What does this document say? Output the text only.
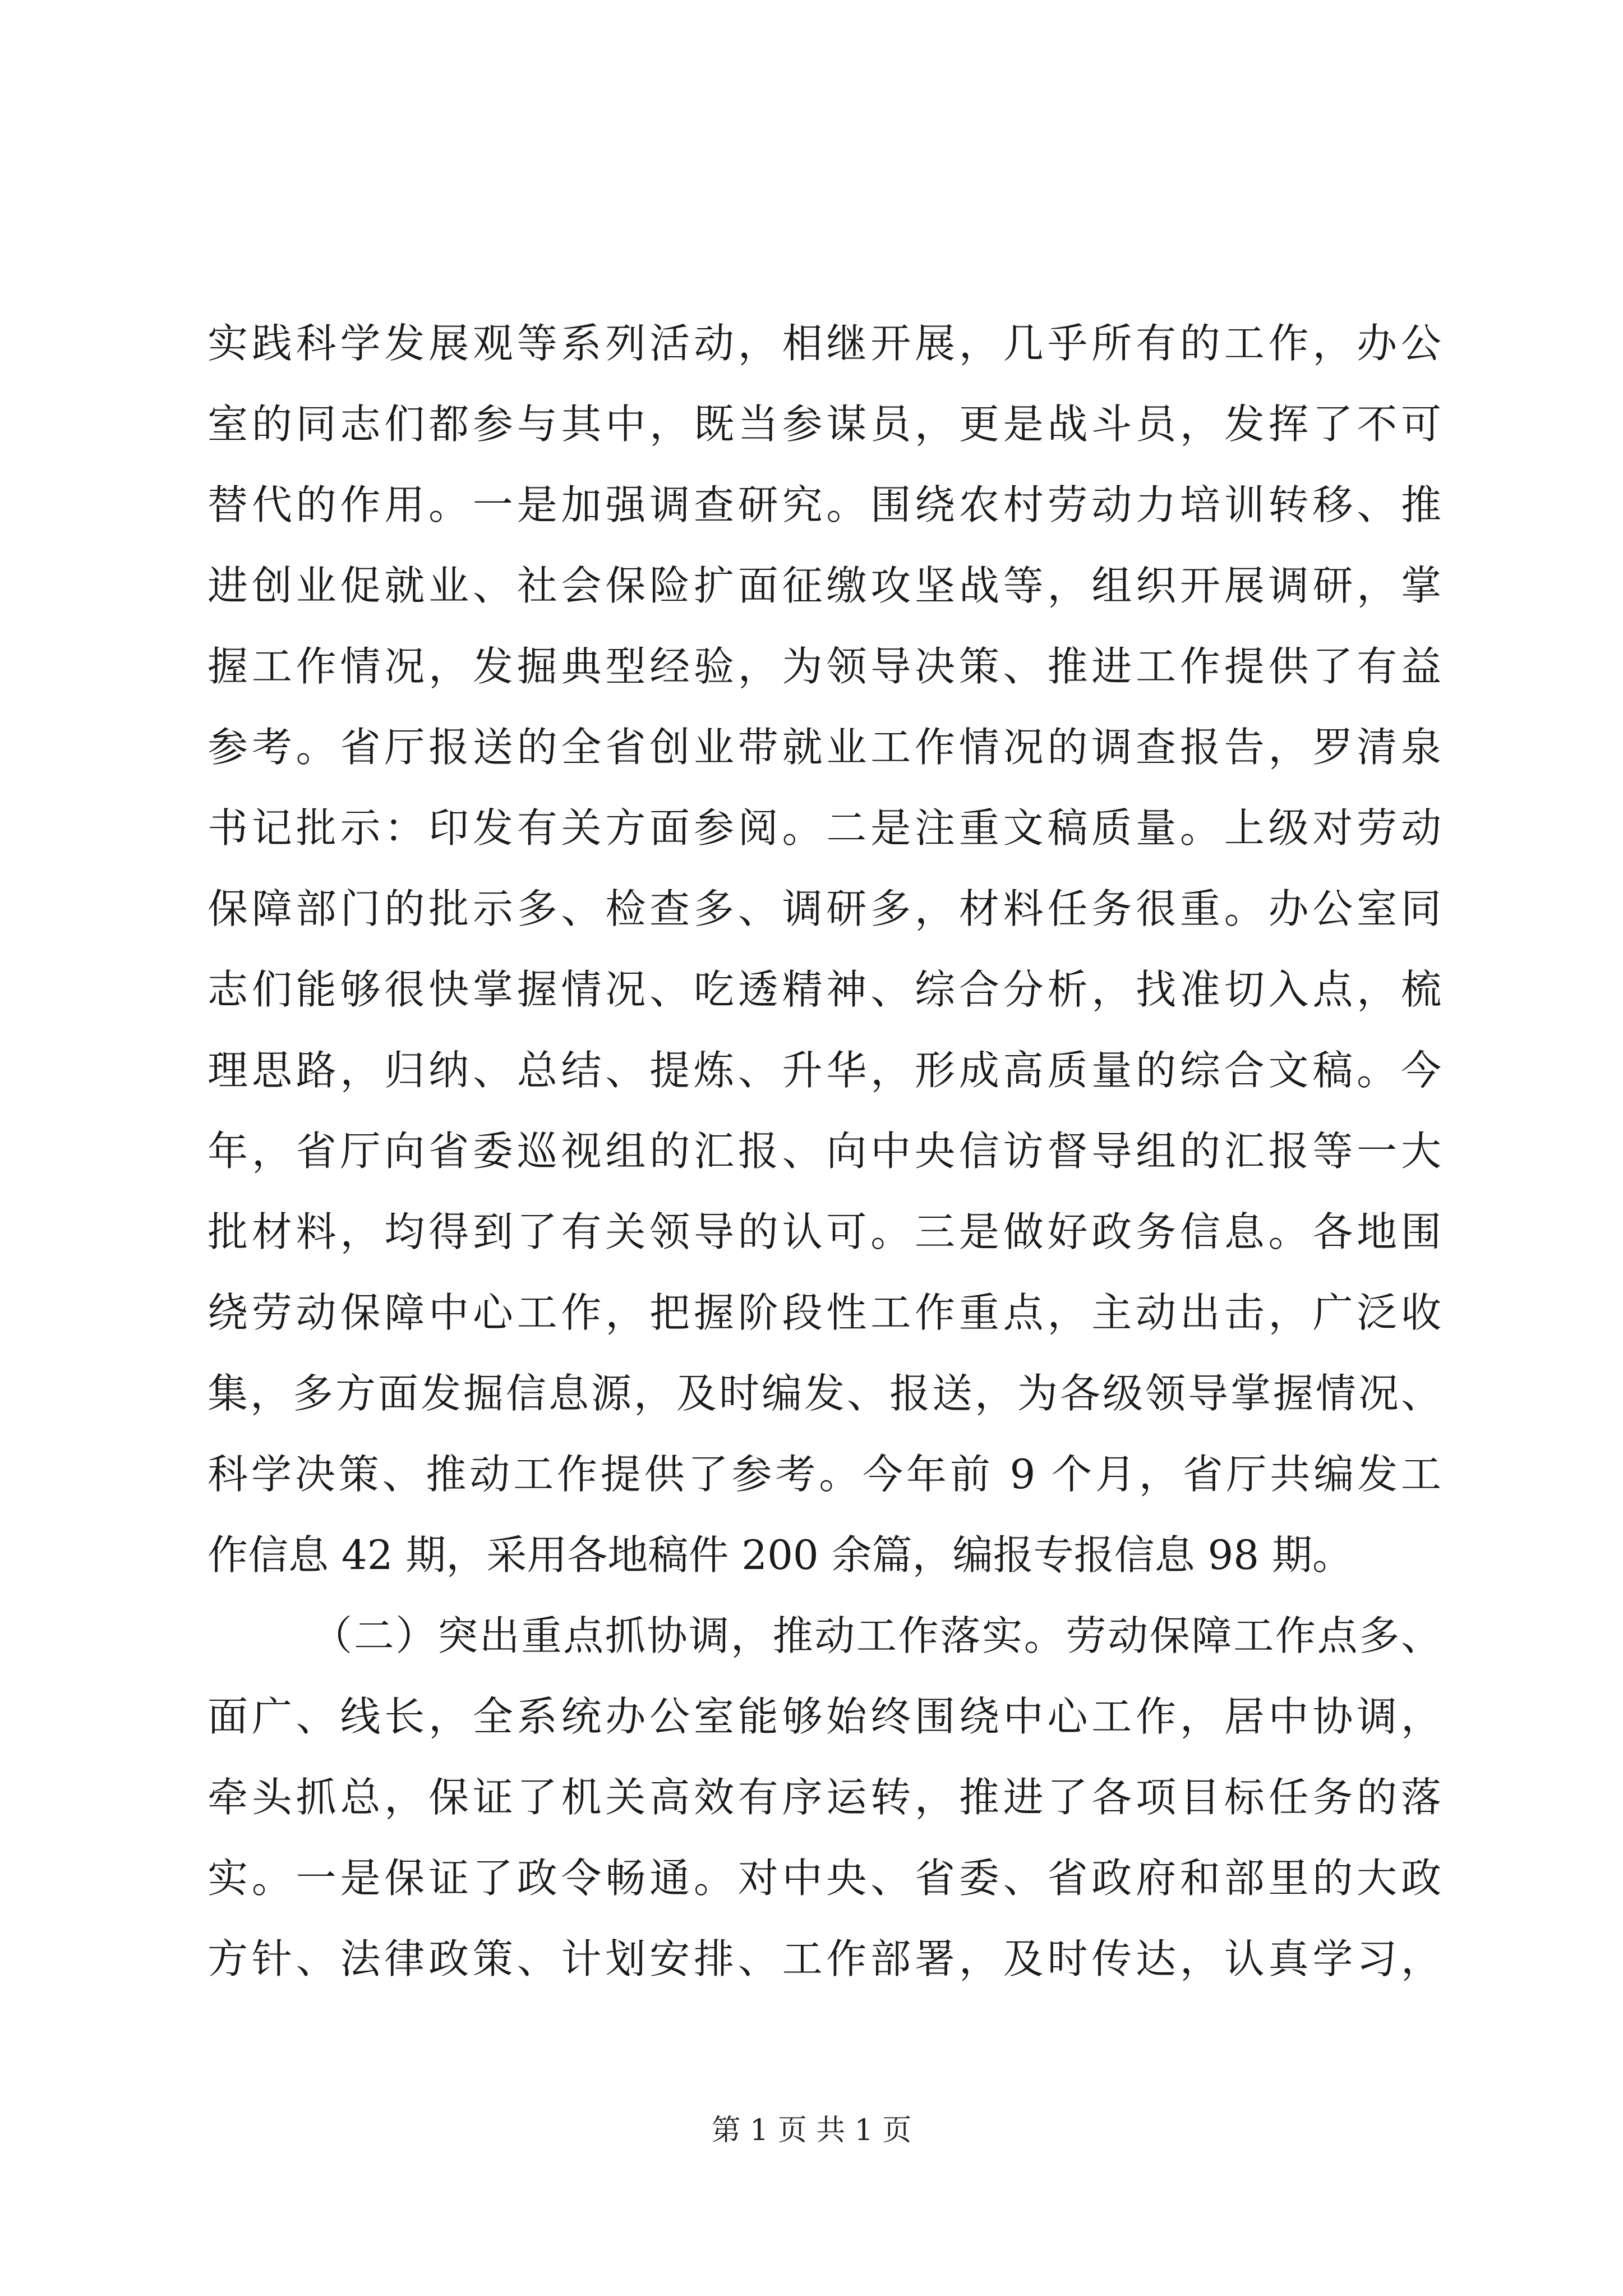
实践科学发展观等系列活动，相继开展，几乎所有的工作，办公
室的同志们都参与其中，既当参谋员，更是战斗员，发挥了不可
替代的作用。一是加强调查研究。围绕农村劳动力培训转移、推
进创业促就业、社会保险扩面征缴攻坚战等，组织开展调研，掌
握工作情况，发掘典型经验，为领导决策、推进工作提供了有益
参考。省厅报送的全省创业带就业工作情况的调查报告，罗清泉
书记批示：印发有关方面参阅。二是注重文稿质量。上级对劳动
保障部门的批示多、检查多、调研多，材料任务很重。办公室同
志们能够很快掌握情况、吃透精神、综合分析，找准切入点，梳
理思路，归纳、总结、提炼、升华，形成高质量的综合文稿。今
年，省厅向省委巡视组的汇报、向中央信访督导组的汇报等一大
批材料，均得到了有关领导的认可。三是做好政务信息。各地围
绕劳动保障中心工作，把握阶段性工作重点，主动出击，广泛收
集，多方面发掘信息源，及时编发、报送，为各级领导掌握情况、
科学决策、推动工作提供了参考。今年前 9 个月，省厅共编发工
作信息 42 期，采用各地稿件 200 余篇，编报专报信息 98 期。
（二）突出重点抓协调，推动工作落实。劳动保障工作点多、
面广、线长，全系统办公室能够始终围绕中心工作，居中协调，
牵头抓总，保证了机关高效有序运转，推进了各项目标任务的落
实。一是保证了政令畅通。对中央、省委、省政府和部里的大政
方针、法律政策、计划安排、工作部署，及时传达，认真学习，
第 1 页 共 1 页
